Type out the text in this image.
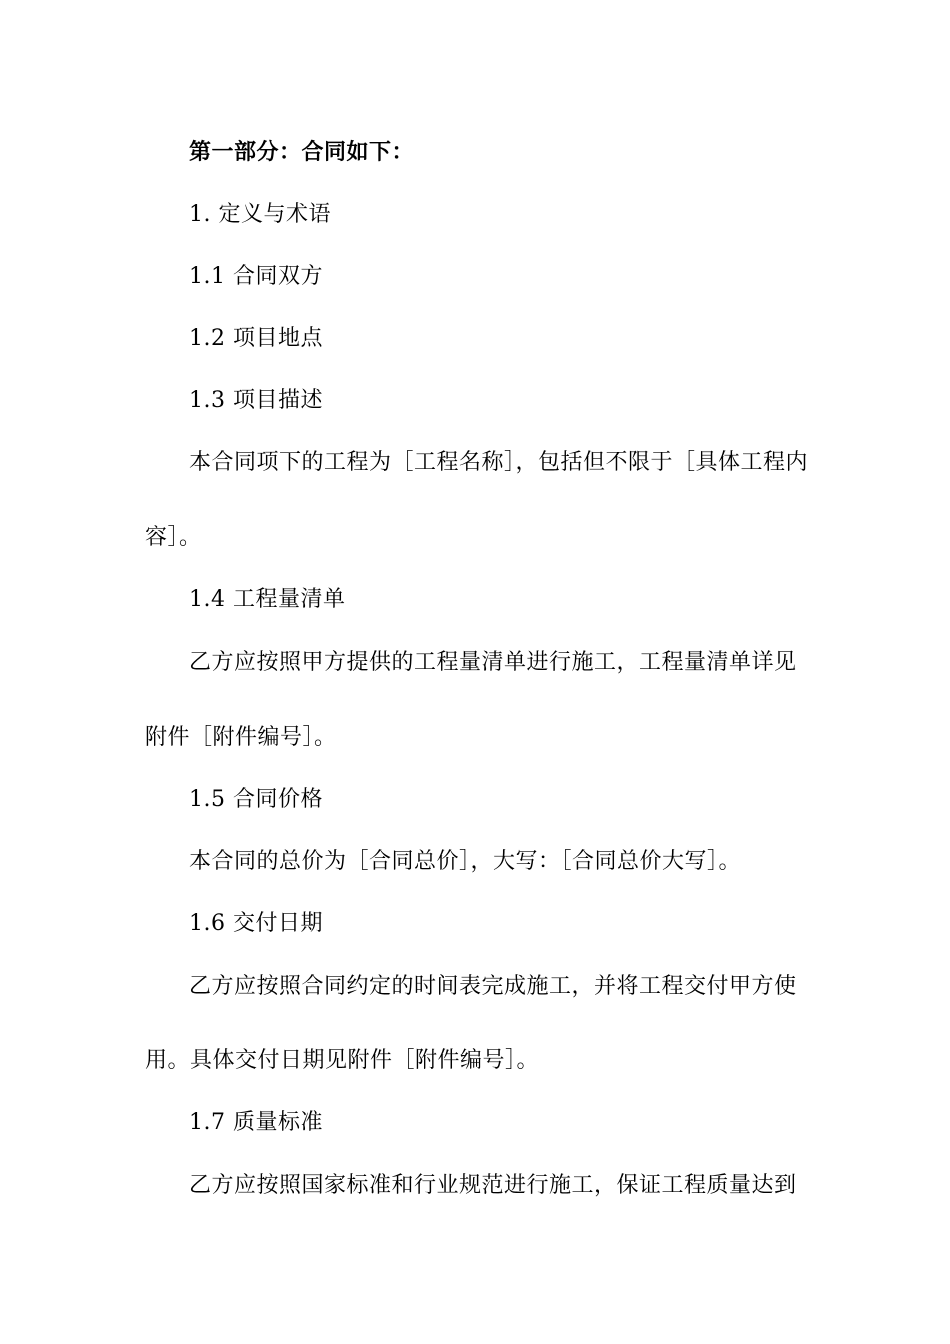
第一部分：合同如下：
1. 定义与术语
1.1 合同双方
1.2 项目地点
1.3 项目描述
本合同项下的工程为［工程名称］，包括但不限于［具体工程内
容］。
1.4 工程量清单
乙方应按照甲方提供的工程量清单进行施工，工程量清单详见
附件［附件编号］。
1.5 合同价格
本合同的总价为［合同总价］，大写：［合同总价大写］。
1.6 交付日期
乙方应按照合同约定的时间表完成施工，并将工程交付甲方使
用。具体交付日期见附件［附件编号］。
1.7 质量标准
乙方应按照国家标准和行业规范进行施工，保证工程质量达到
